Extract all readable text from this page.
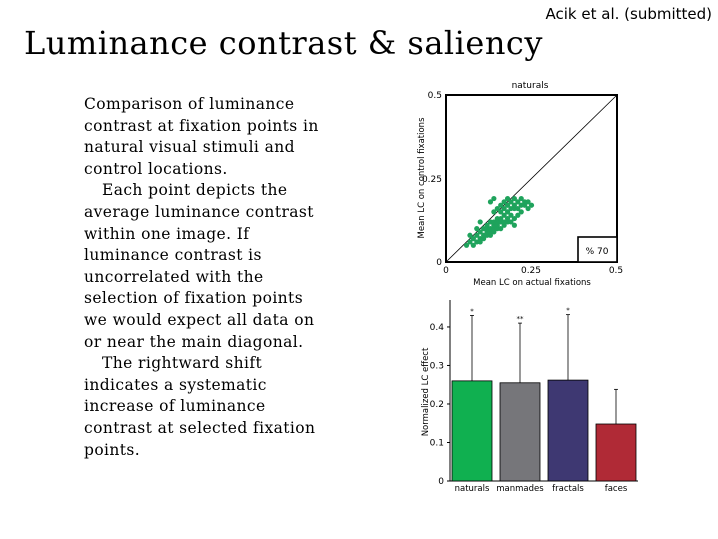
Acik et al. (submitted)
Luminance contrast & saliency

Comparison of luminance contrast at fixation points in natural visual stimuli and control locations.

Each point depicts the average luminance contrast within one image. If luminance contrast is uncorrelated with the selection of fixation points we would expect all data on or near the main diagonal.

The rightward shift indicates a systematic increase of luminance contrast at selected fixation points.

naturals
% 70
0.5
0.25
0
0	0.25	0.5
Mean LC on actual fixations
Mean LC on control fixations
0
0.1
0.2
0.3
0.4
*
naturals
**
manmades
*
fractals faces
Normalized LC effect
